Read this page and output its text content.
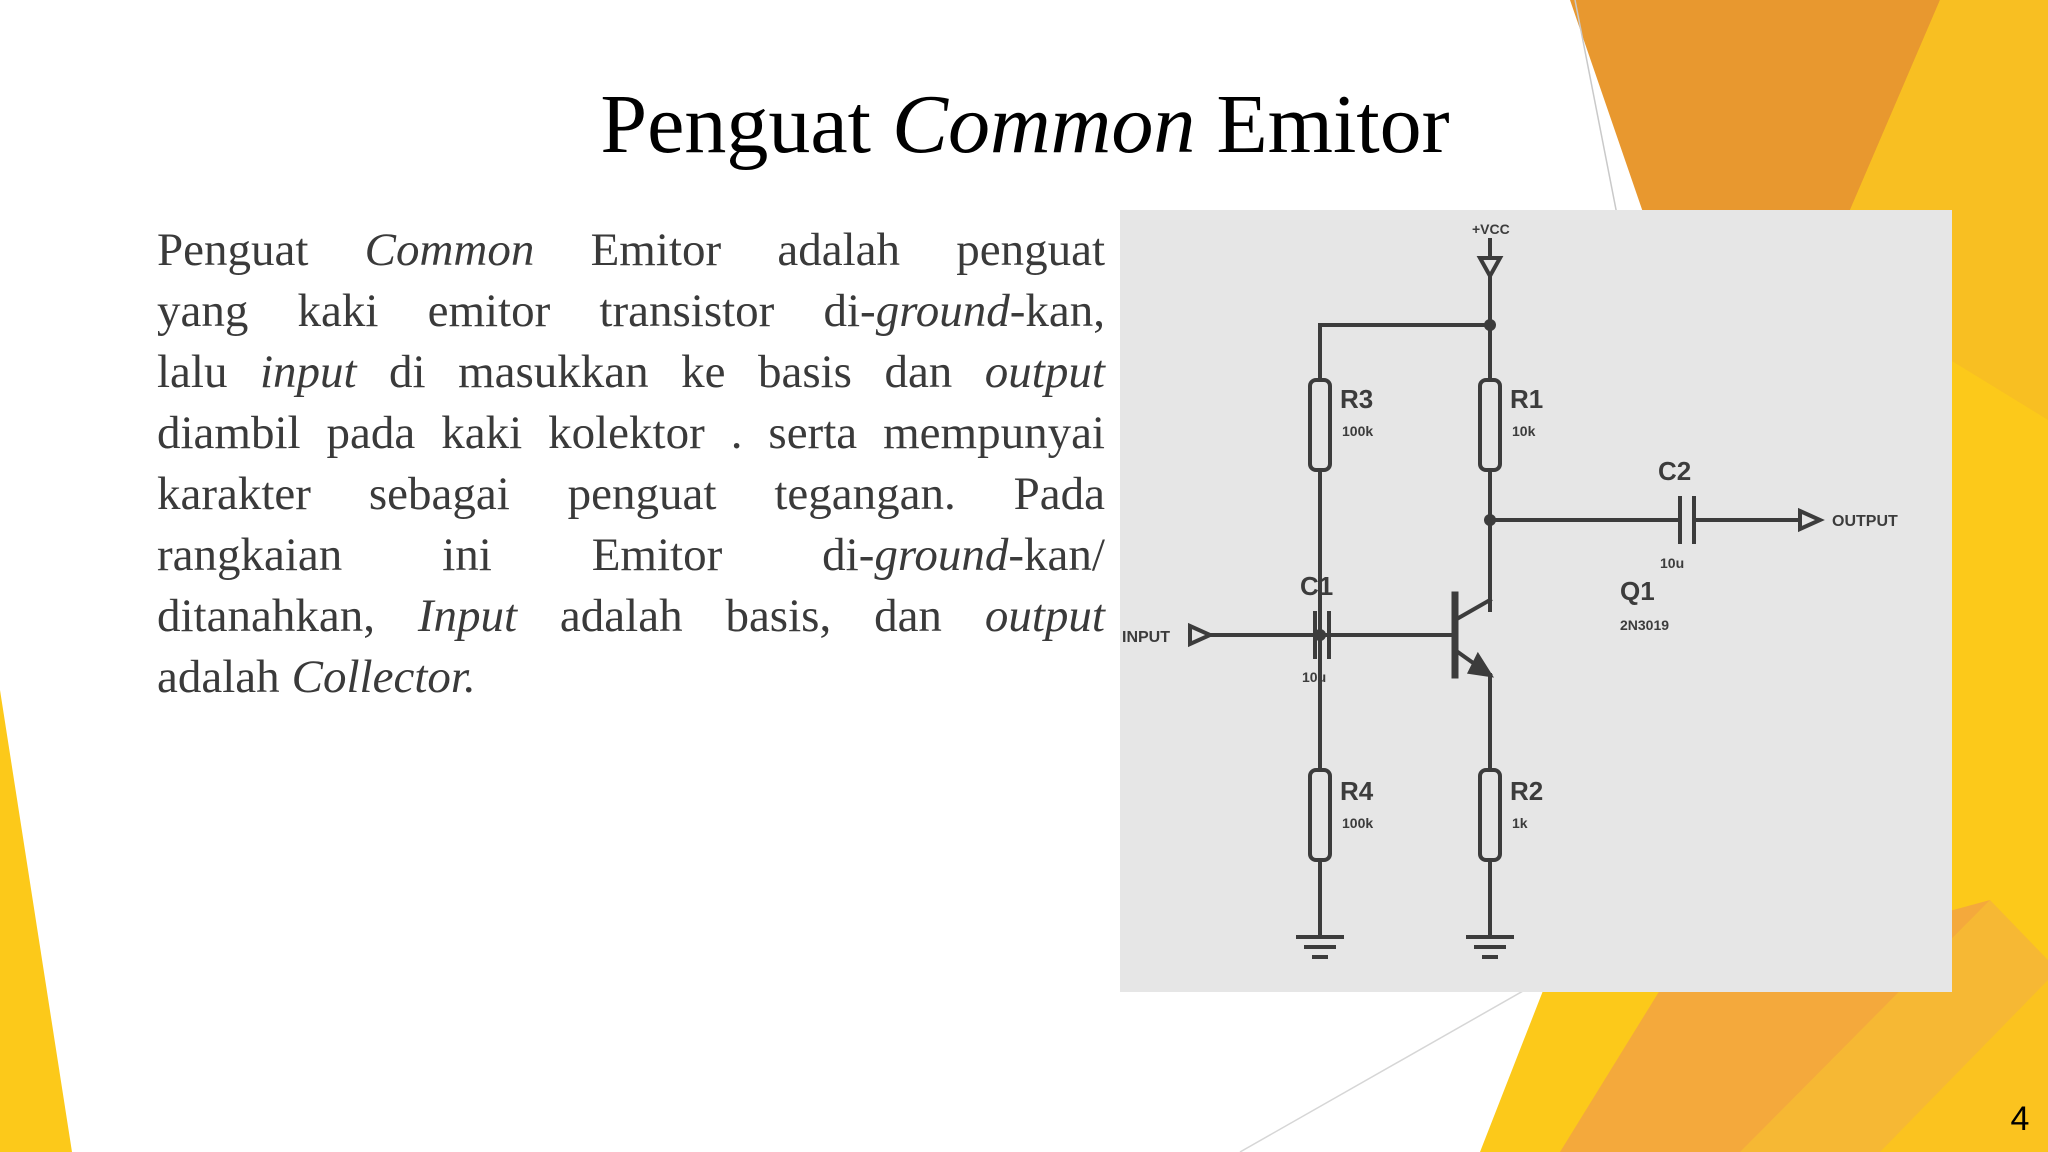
Penguat Common Emitor
Penguat Common Emitor adalah penguat
yang kaki emitor transistor di-ground-kan,
lalu input di masukkan ke basis dan output
diambil pada kaki kolektor . serta mempunyai
karakter sebagai penguat tegangan. Pada
rangkaian ini Emitor di-ground-kan/
ditanahkan, Input adalah basis, dan output
adalah Collector.
+VCC
R3
100k
R1
10k
C2
10u
OUTPUT
C1
10u
INPUT
Q1
2N3019
R4
100k
R2
1k
4
